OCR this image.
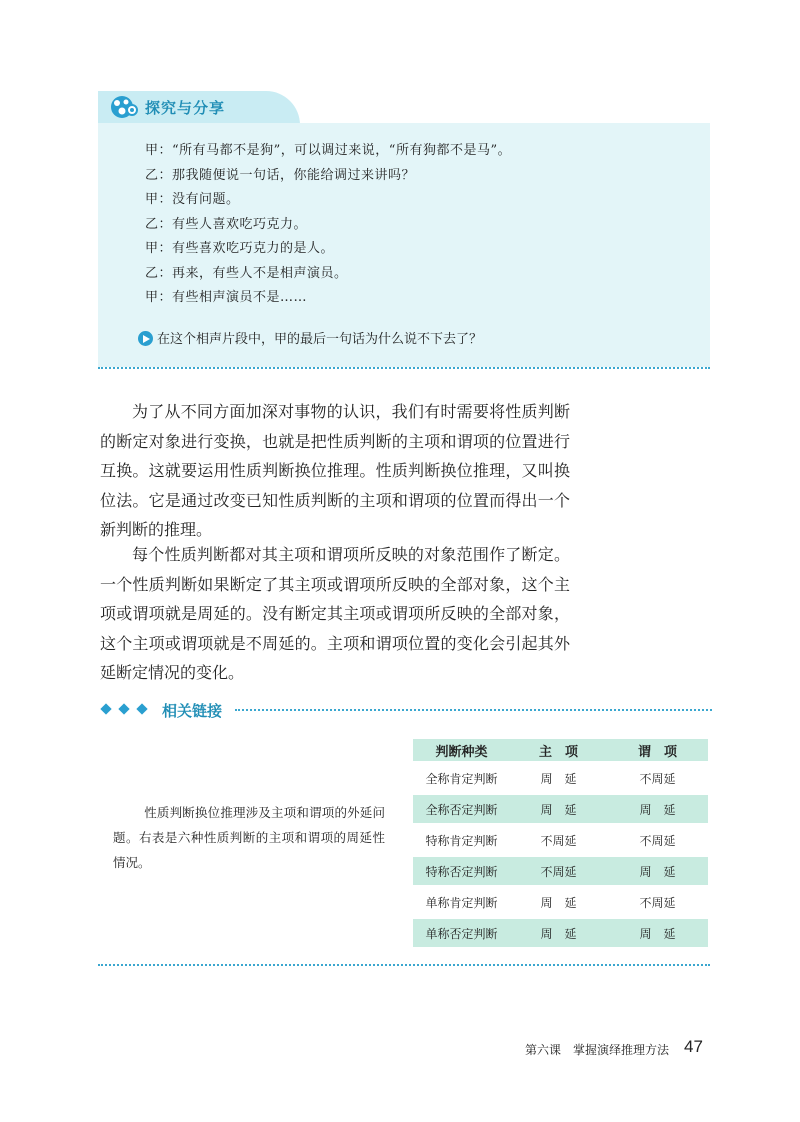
探究与分享
甲：“所有马都不是狗”，可以调过来说，“所有狗都不是马”。
乙：那我随便说一句话，你能给调过来讲吗？
甲：没有问题。
乙：有些人喜欢吃巧克力。
甲：有些喜欢吃巧克力的是人。
乙：再来，有些人不是相声演员。
甲：有些相声演员不是……
在这个相声片段中，甲的最后一句话为什么说不下去了？

为了从不同方面加深对事物的认识，我们有时需要将性质判断的断定对象进行变换，也就是把性质判断的主项和谓项的位置进行互换。这就要运用性质判断换位推理。性质判断换位推理，又叫换位法。它是通过改变已知性质判断的主项和谓项的位置而得出一个新判断的推理。

每个性质判断都对其主项和谓项所反映的对象范围作了断定。一个性质判断如果断定了其主项或谓项所反映的全部对象，这个主项或谓项就是周延的。没有断定其主项或谓项所反映的全部对象，这个主项或谓项就是不周延的。主项和谓项位置的变化会引起其外延断定情况的变化。

相关链接

性质判断换位推理涉及主项和谓项的外延问题。右表是六种性质判断的主项和谓项的周延性情况。

判断种类	主　项	谓　项
全称肯定判断	周　延	不周延
全称否定判断	周　延	周　延
特称肯定判断	不周延	不周延
特称否定判断	不周延	周　延
单称肯定判断	周　延	不周延
单称否定判断	周　延	周　延
第六课　掌握演绎推理方法 47
